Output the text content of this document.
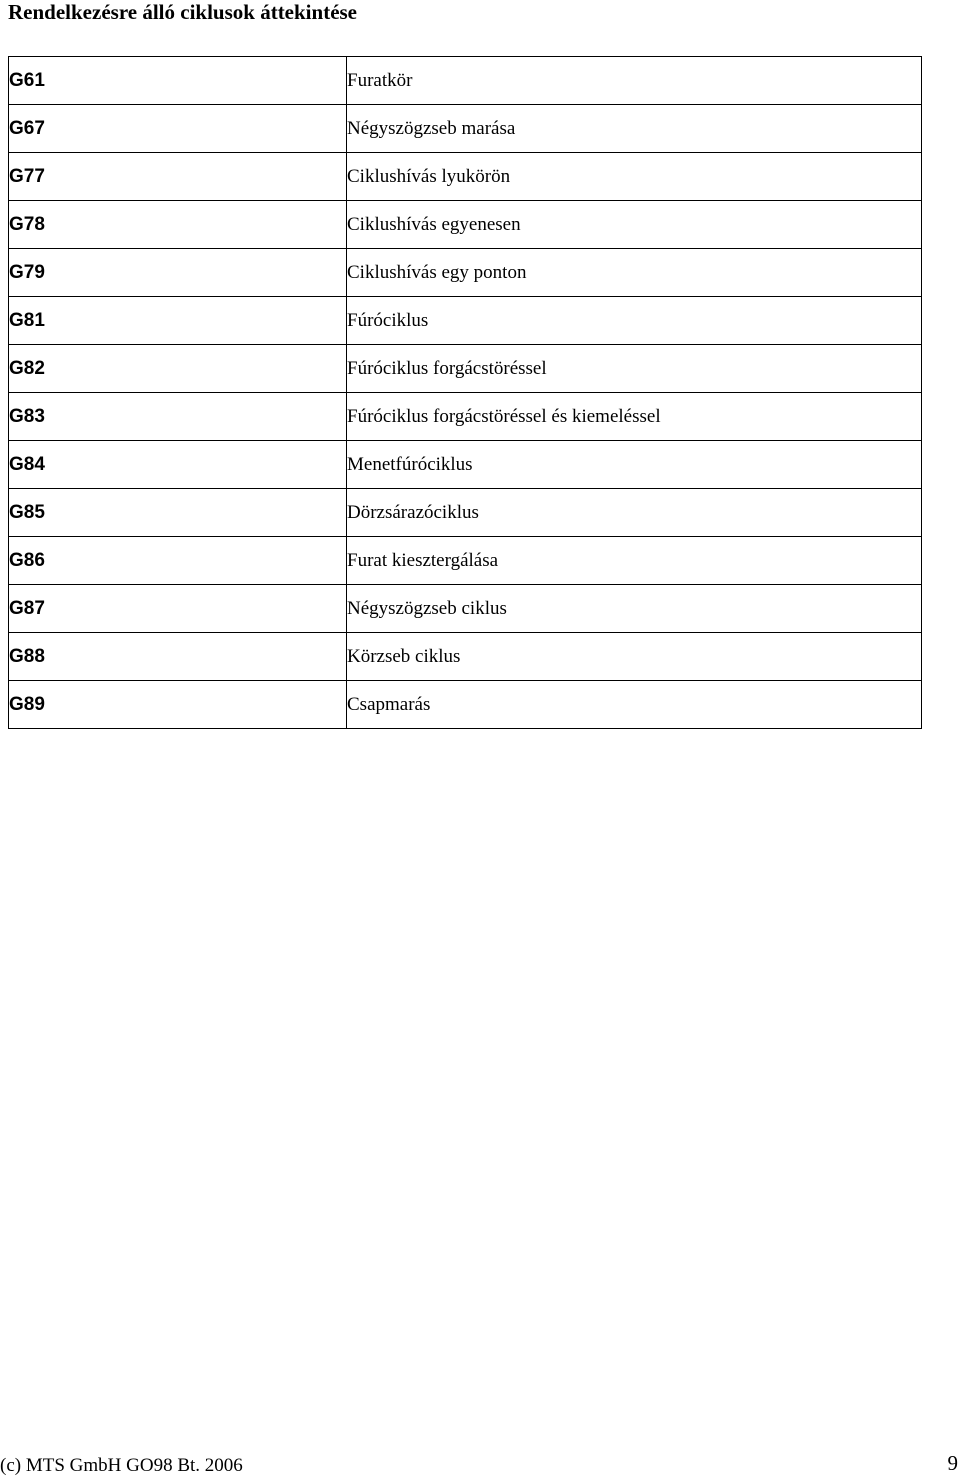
Rendelkezésre álló ciklusok áttekintése
G61	Furatkör

G67	Négyszögzseb marása

G77	Ciklushívás lyukörön

G78	Ciklushívás egyenesen

G79	Ciklushívás egy ponton

G81	Fúróciklus

G82	Fúróciklus forgácstöréssel

G83	Fúróciklus forgácstöréssel és kiemeléssel

G84	Menetfúróciklus

G85	Dörzsárazóciklus

G86	Furat kiesztergálása

G87	Négyszögzseb ciklus

G88	Körzseb ciklus

G89	Csapmarás
(c) MTS GmbH GO98 Bt. 2006	9
